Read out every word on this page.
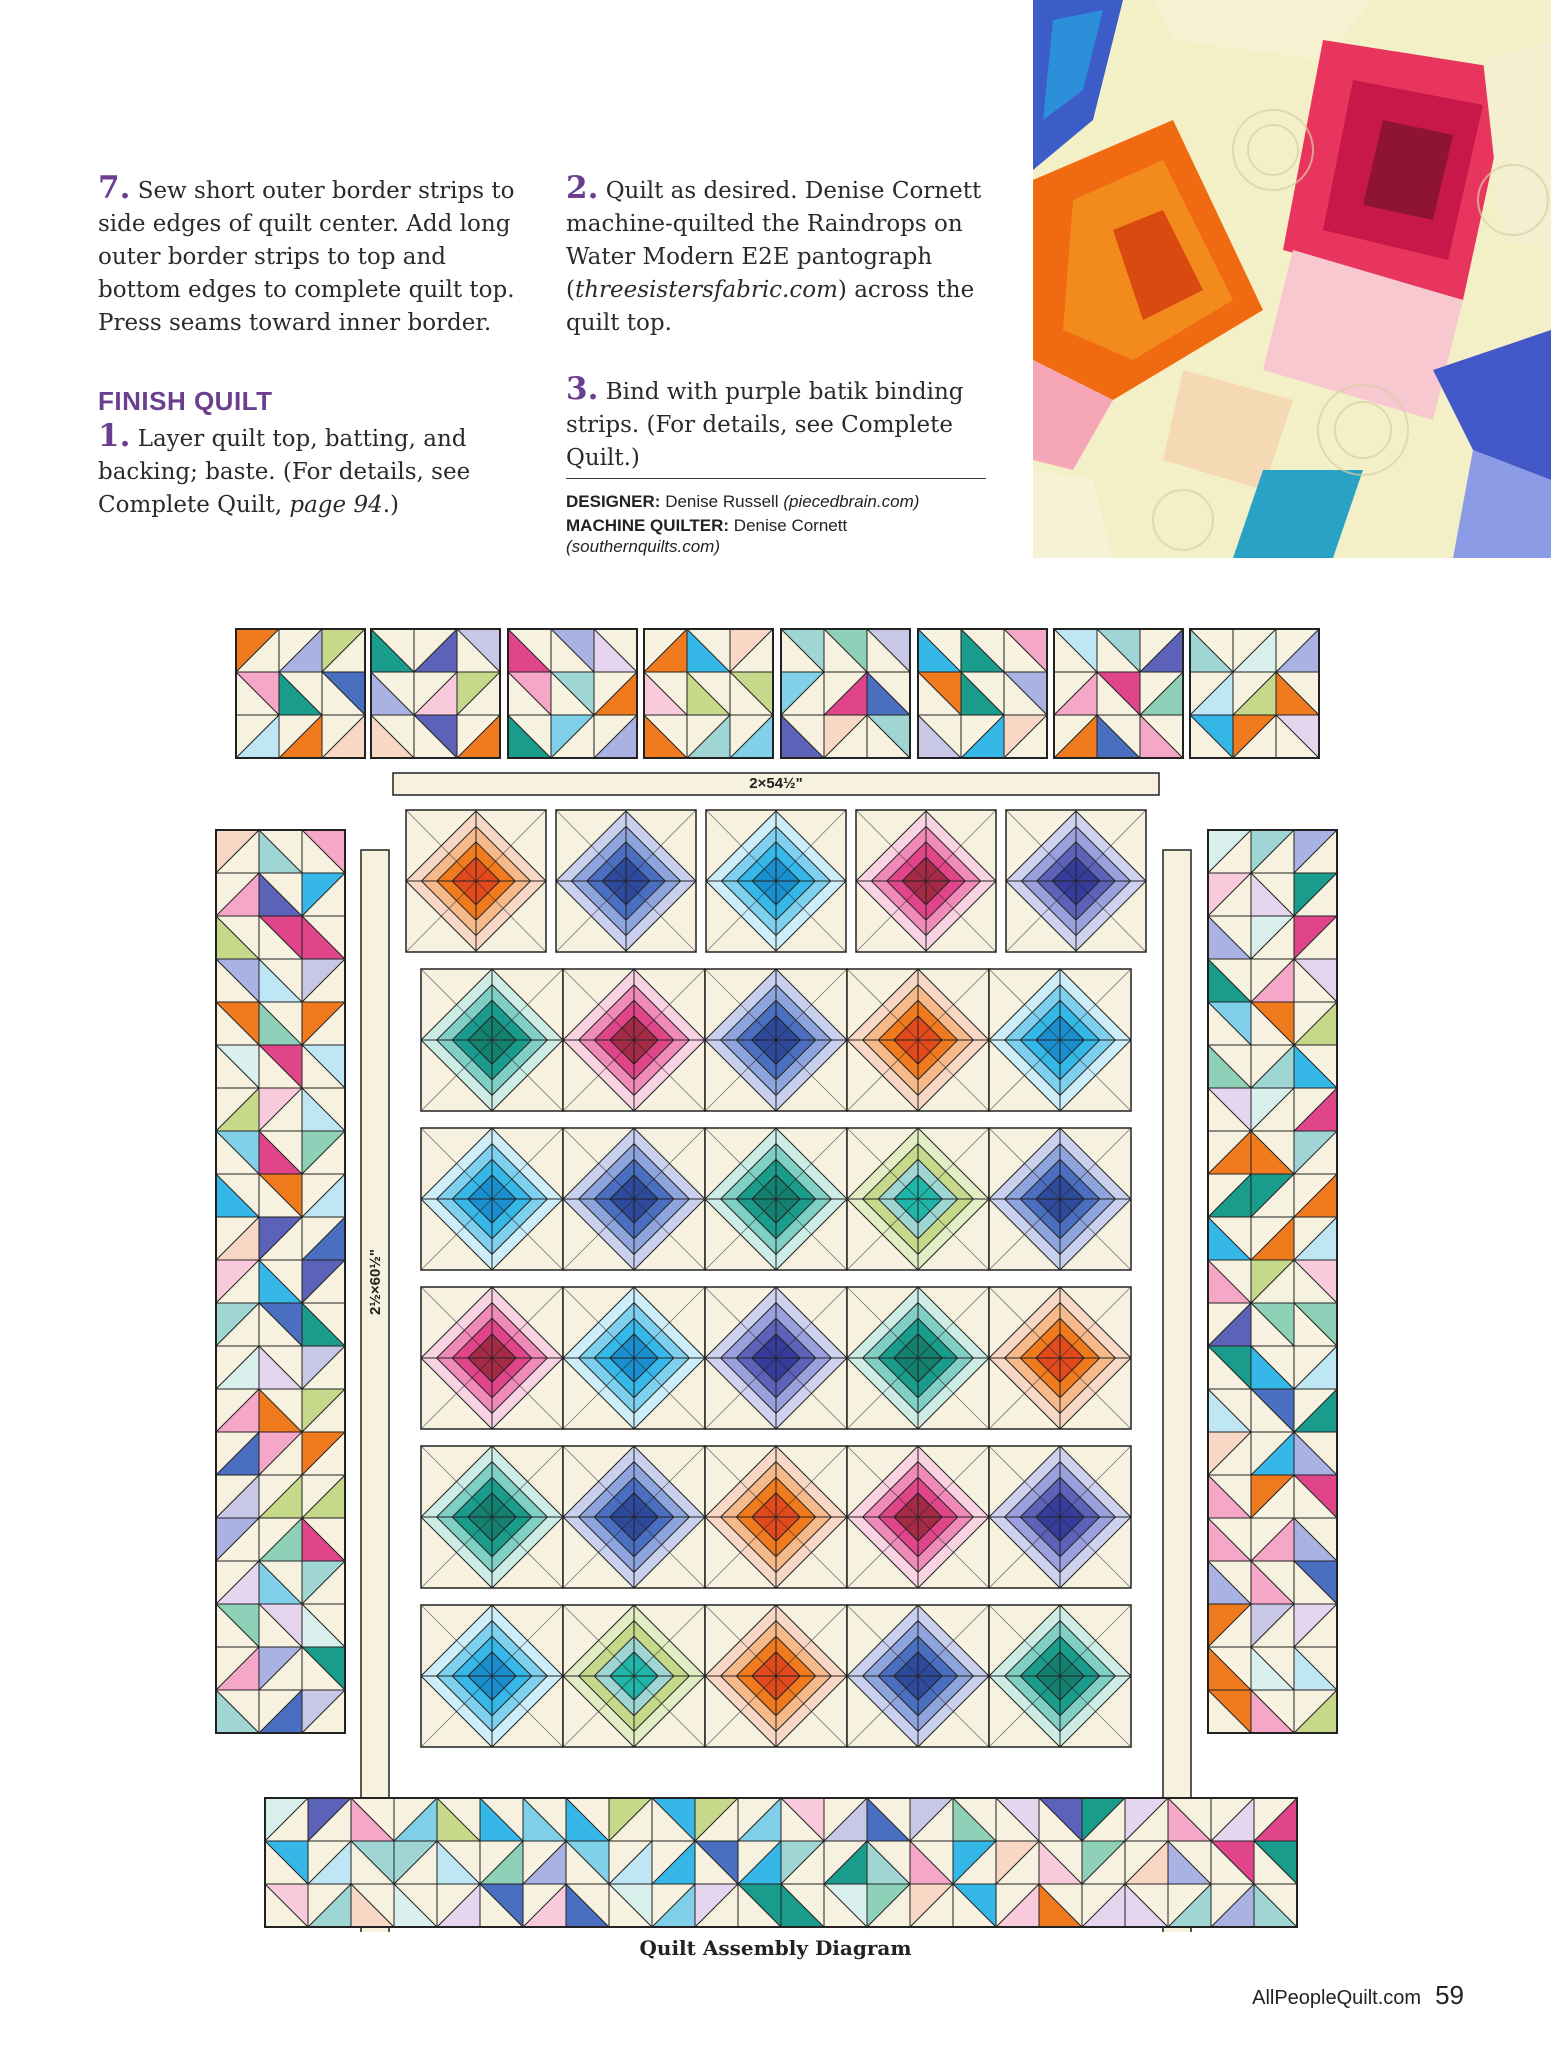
7. Sew short outer border strips to side edges of quilt center. Add long outer border strips to top and bottom edges to complete quilt top. Press seams toward inner border.

FINISH QUILT

1. Layer quilt top, batting, and backing; baste. (For details, see Complete Quilt, page 94.)

2. Quilt as desired. Denise Cornett machine-quilted the Raindrops on Water Modern E2E pantograph (threesistersfabric.com) across the quilt top.

3. Bind with purple batik binding strips. (For details, see Complete Quilt.)

DESIGNER: Denise Russell (piecedbrain.com)
MACHINE QUILTER: Denise Cornett
(southernquilts.com)
2×54½"
2½×60½"
Quilt Assembly Diagram
AllPeopleQuilt.com 59
